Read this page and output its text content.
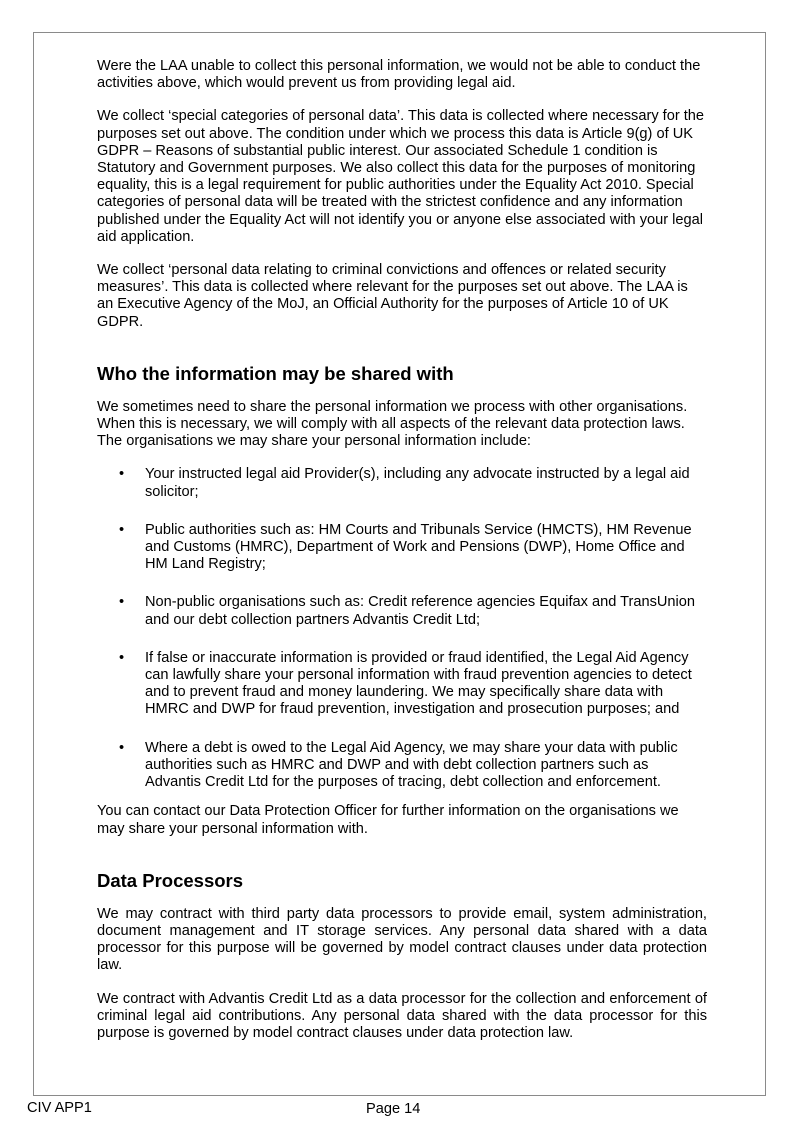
Were the LAA unable to collect this personal information, we would not be able to conduct the activities above, which would prevent us from providing legal aid.

We collect ‘special categories of personal data’. This data is collected where necessary for the purposes set out above. The condition under which we process this data is Article 9(g) of UK GDPR – Reasons of substantial public interest. Our associated Schedule 1 condition is Statutory and Government purposes. We also collect this data for the purposes of monitoring equality, this is a legal requirement for public authorities under the Equality Act 2010. Special categories of personal data will be treated with the strictest confidence and any information published under the Equality Act will not identify you or anyone else associated with your legal aid application.

We collect ‘personal data relating to criminal convictions and offences or related security measures’. This data is collected where relevant for the purposes set out above. The LAA is an Executive Agency of the MoJ, an Official Authority for the purposes of Article 10 of UK GDPR.

Who the information may be shared with

We sometimes need to share the personal information we process with other organisations. When this is necessary, we will comply with all aspects of the relevant data protection laws. The organisations we may share your personal information include:

• Your instructed legal aid Provider(s), including any advocate instructed by a legal aid solicitor;
• Public authorities such as: HM Courts and Tribunals Service (HMCTS), HM Revenue and Customs (HMRC), Department of Work and Pensions (DWP), Home Office and HM Land Registry;
• Non-public organisations such as: Credit reference agencies Equifax and TransUnion and our debt collection partners Advantis Credit Ltd;
• If false or inaccurate information is provided or fraud identified, the Legal Aid Agency can lawfully share your personal information with fraud prevention agencies to detect and to prevent fraud and money laundering. We may specifically share data with HMRC and DWP for fraud prevention, investigation and prosecution purposes; and
• Where a debt is owed to the Legal Aid Agency, we may share your data with public authorities such as HMRC and DWP and with debt collection partners such as Advantis Credit Ltd for the purposes of tracing, debt collection and enforcement.

You can contact our Data Protection Officer for further information on the organisations we may share your personal information with.

Data Processors

We may contract with third party data processors to provide email, system administration, document management and IT storage services. Any personal data shared with a data processor for this purpose will be governed by model contract clauses under data protection law.

We contract with Advantis Credit Ltd as a data processor for the collection and enforcement of criminal legal aid contributions. Any personal data shared with the data processor for this purpose is governed by model contract clauses under data protection law.

CIV APP1	Page 14
